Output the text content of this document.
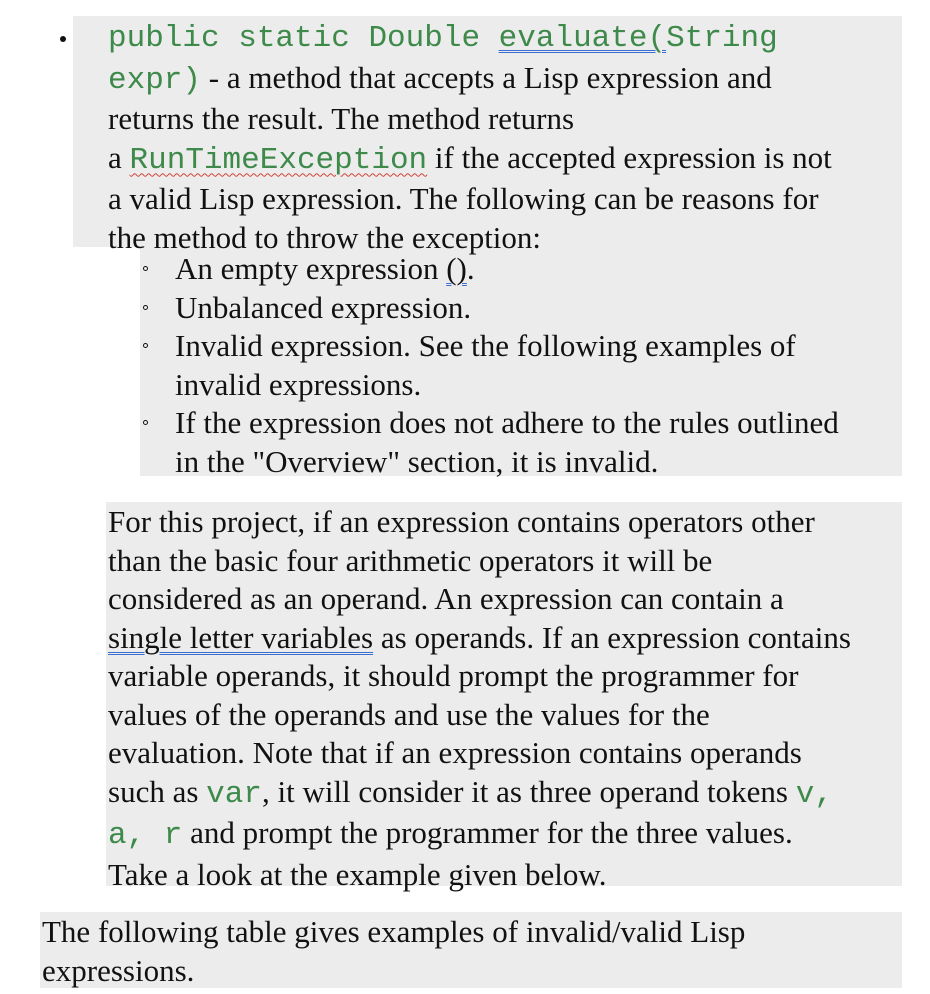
public static Double evaluate(String
expr) - a method that accepts a Lisp expression and
returns the result. The method returns
a RunTimeException if the accepted expression is not
a valid Lisp expression. The following can be reasons for
the method to throw the exception:
An empty expression ().
Unbalanced expression.
Invalid expression. See the following examples of
invalid expressions.
If the expression does not adhere to the rules outlined
in the "Overview" section, it is invalid.
For this project, if an expression contains operators other
than the basic four arithmetic operators it will be
considered as an operand. An expression can contain a
single letter variables as operands. If an expression contains
variable operands, it should prompt the programmer for
values of the operands and use the values for the
evaluation. Note that if an expression contains operands
such as var, it will consider it as three operand tokens v,
a, r and prompt the programmer for the three values.
Take a look at the example given below.
The following table gives examples of invalid/valid Lisp
expressions.
